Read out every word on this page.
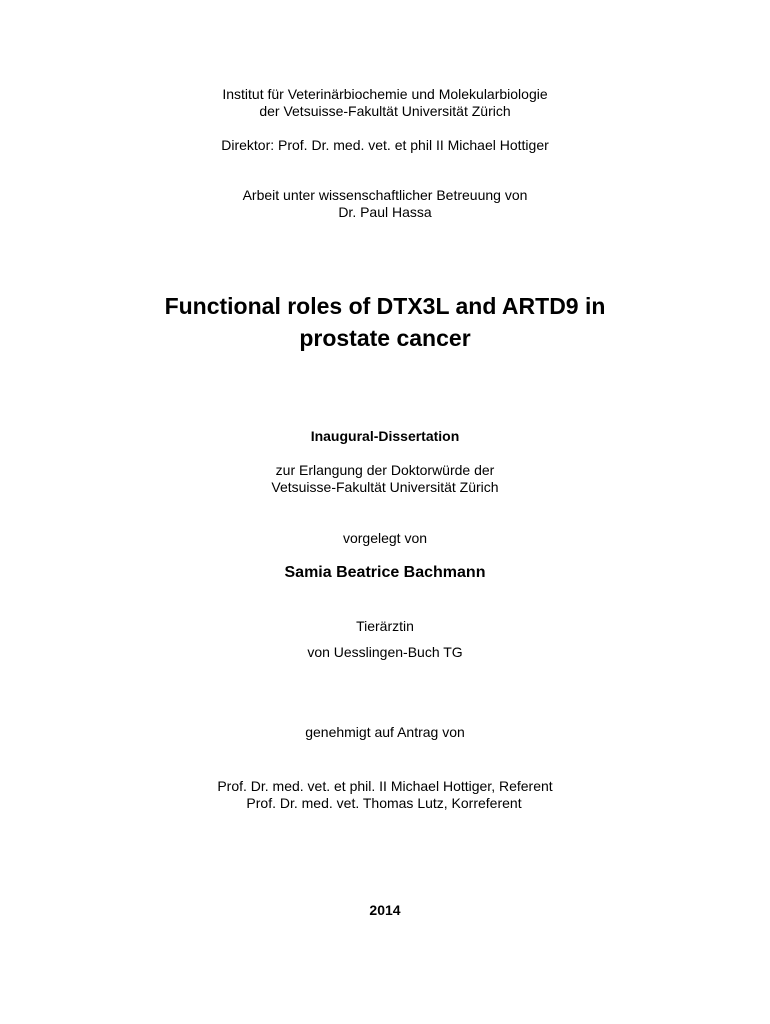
Institut für Veterinärbiochemie und Molekularbiologie
der Vetsuisse-Fakultät Universität Zürich
Direktor: Prof. Dr. med. vet. et phil II Michael Hottiger
Arbeit unter wissenschaftlicher Betreuung von
Dr. Paul Hassa
Functional roles of DTX3L and ARTD9 in
prostate cancer
Inaugural-Dissertation
zur Erlangung der Doktorwürde der
Vetsuisse-Fakultät Universität Zürich
vorgelegt von
Samia Beatrice Bachmann
Tierärztin
von Uesslingen-Buch TG
genehmigt auf Antrag von
Prof. Dr. med. vet. et phil. II Michael Hottiger, Referent
Prof. Dr. med. vet. Thomas Lutz, Korreferent
2014
